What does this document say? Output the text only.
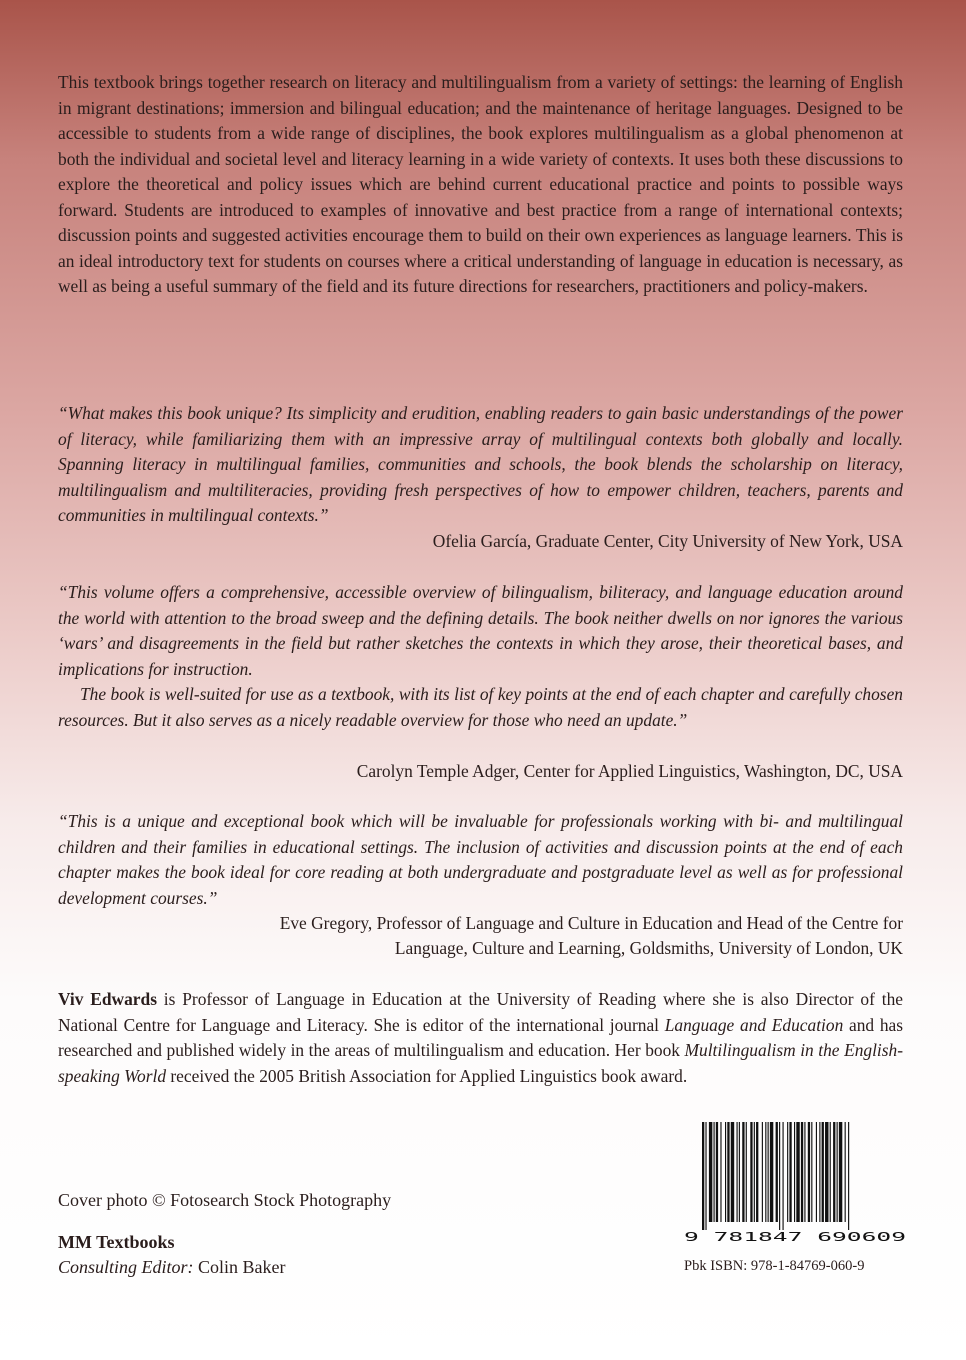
This textbook brings together research on literacy and multilingualism from a variety of settings: the learning of English in migrant destinations; immersion and bilingual education; and the maintenance of heritage languages. Designed to be accessible to students from a wide range of disciplines, the book explores multilingualism as a global phenomenon at both the individual and societal level and literacy learning in a wide variety of contexts. It uses both these discussions to explore the theoretical and policy issues which are behind current educational practice and points to possible ways forward. Students are introduced to examples of innovative and best practice from a range of international contexts; discussion points and suggested activities encourage them to build on their own experiences as language learners. This is an ideal introductory text for students on courses where a critical understanding of language in education is necessary, as well as being a useful summary of the field and its future directions for researchers, practitioners and policy-makers.

“What makes this book unique? Its simplicity and erudition, enabling readers to gain basic understandings of the power of literacy, while familiarizing them with an impressive array of multilingual contexts both globally and locally. Spanning literacy in multilingual families, communities and schools, the book blends the scholarship on literacy, multilingualism and multiliteracies, providing fresh perspectives of how to empower children, teachers, parents and communities in multilingual contexts.”

Ofelia García, Graduate Center, City University of New York, USA

“This volume offers a comprehensive, accessible overview of bilingualism, biliteracy, and language education around the world with attention to the broad sweep and the defining details. The book neither dwells on nor ignores the various ‘wars’ and disagreements in the field but rather sketches the contexts in which they arose, their theoretical bases, and implications for instruction.

The book is well-suited for use as a textbook, with its list of key points at the end of each chapter and carefully chosen resources. But it also serves as a nicely readable overview for those who need an update.”

Carolyn Temple Adger, Center for Applied Linguistics, Washington, DC, USA

“This is a unique and exceptional book which will be invaluable for professionals working with bi- and multilingual children and their families in educational settings. The inclusion of activities and discussion points at the end of each chapter makes the book ideal for core reading at both undergraduate and postgraduate level as well as for professional development courses.”

Eve Gregory, Professor of Language and Culture in Education and Head of the Centre for

Language, Culture and Learning, Goldsmiths, University of London, UK

Viv Edwards is Professor of Language in Education at the University of Reading where she is also Director of the National Centre for Language and Literacy. She is editor of the international journal Language and Education and has researched and published widely in the areas of multilingualism and education. Her book Multilingualism in the English-speaking World received the 2005 British Association for Applied Linguistics book award.

Cover photo © Fotosearch Stock Photography

MM Textbooks

Consulting Editor: Colin Baker

9 781847 690609

Pbk ISBN: 978-1-84769-060-9
